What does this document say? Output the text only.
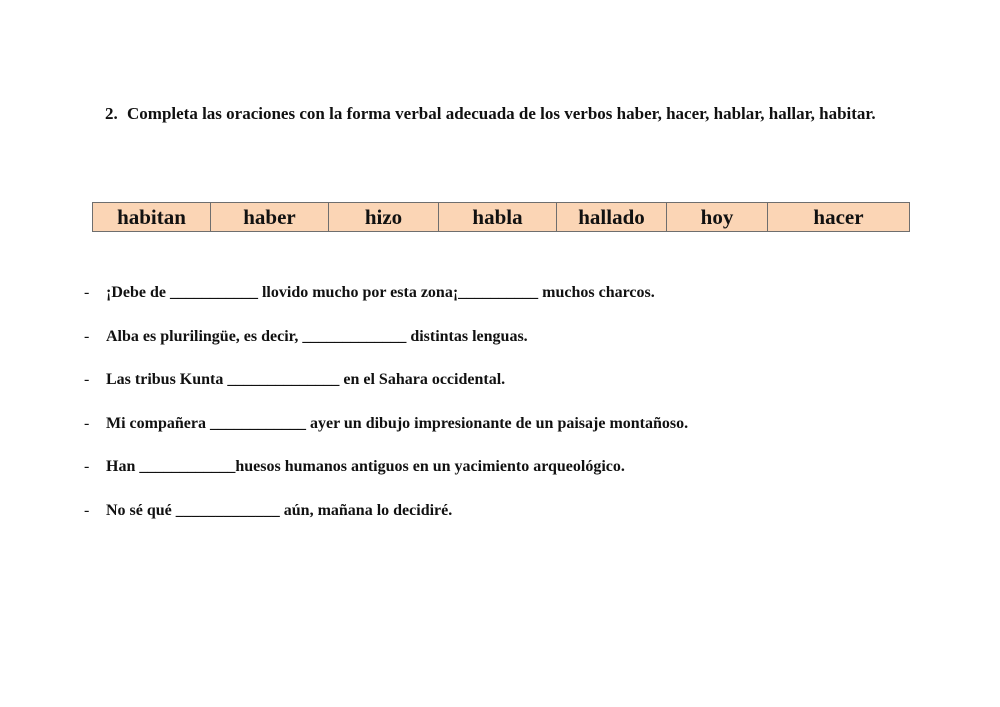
2. Completa las oraciones con la forma verbal adecuada de los verbos haber, hacer, hablar, hallar, habitar.
habitan	haber	hizo	habla	hallado	hoy	hacer
-	¡Debe de ___________ llovido mucho por esta zona¡__________ muchos charcos.
-	Alba es plurilingüe, es decir, _____________ distintas lenguas.
-	Las tribus Kunta ______________ en el Sahara occidental.
-	Mi compañera ____________ ayer un dibujo impresionante de un paisaje montañoso.
-	Han ____________huesos humanos antiguos en un yacimiento arqueológico.
-	No sé qué _____________ aún, mañana lo decidiré.
